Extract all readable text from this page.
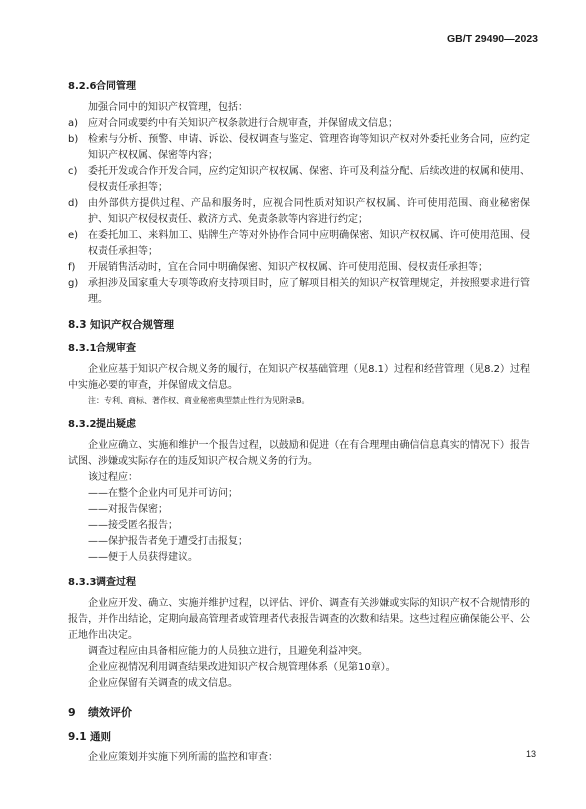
GB/T 29490—2023
8.2.6合同管理

加强合同中的知识产权管理，包括：

a) 应对合同或要约中有关知识产权条款进行合规审查，并保留成文信息；
b) 检索与分析、预警、申请、诉讼、侵权调查与鉴定、管理咨询等知识产权对外委托业务合同，应约定知识产权权属、保密等内容；
c) 委托开发或合作开发合同，应约定知识产权权属、保密、许可及利益分配、后续改进的权属和使用、侵权责任承担等；
d) 由外部供方提供过程、产品和服务时，应视合同性质对知识产权权属、许可使用范围、商业秘密保护、知识产权侵权责任、救济方式、免责条款等内容进行约定；
e) 在委托加工、来料加工、贴牌生产等对外协作合同中应明确保密、知识产权权属、许可使用范围、侵权责任承担等；
f) 开展销售活动时，宜在合同中明确保密、知识产权权属、许可使用范围、侵权责任承担等；
g) 承担涉及国家重大专项等政府支持项目时，应了解项目相关的知识产权管理规定，并按照要求进行管理。
8.3 知识产权合规管理
8.3.1合规审查

企业应基于知识产权合规义务的履行，在知识产权基础管理（见8.1）过程和经营管理（见8.2）过程中实施必要的审查，并保留成文信息。

注：专利、商标、著作权、商业秘密典型禁止性行为见附录B。

8.3.2提出疑虑

企业应确立、实施和维护一个报告过程，以鼓励和促进（在有合理理由确信信息真实的情况下）报告试图、涉嫌或实际存在的违反知识产权合规义务的行为。

该过程应：

——在整个企业内可见并可访问；
——对报告保密；
——接受匿名报告；
——保护报告者免于遭受打击报复；
——便于人员获得建议。
8.3.3调查过程

企业应开发、确立、实施并维护过程，以评估、评价、调查有关涉嫌或实际的知识产权不合规情形的报告，并作出结论，定期向最高管理者或管理者代表报告调查的次数和结果。这些过程应确保能公平、公正地作出决定。

调查过程应由具备相应能力的人员独立进行，且避免利益冲突。

企业应视情况利用调查结果改进知识产权合规管理体系（见第10章）。

企业应保留有关调查的成文信息。

9 绩效评价
9.1 通则

企业应策划并实施下列所需的监控和审查：	13
